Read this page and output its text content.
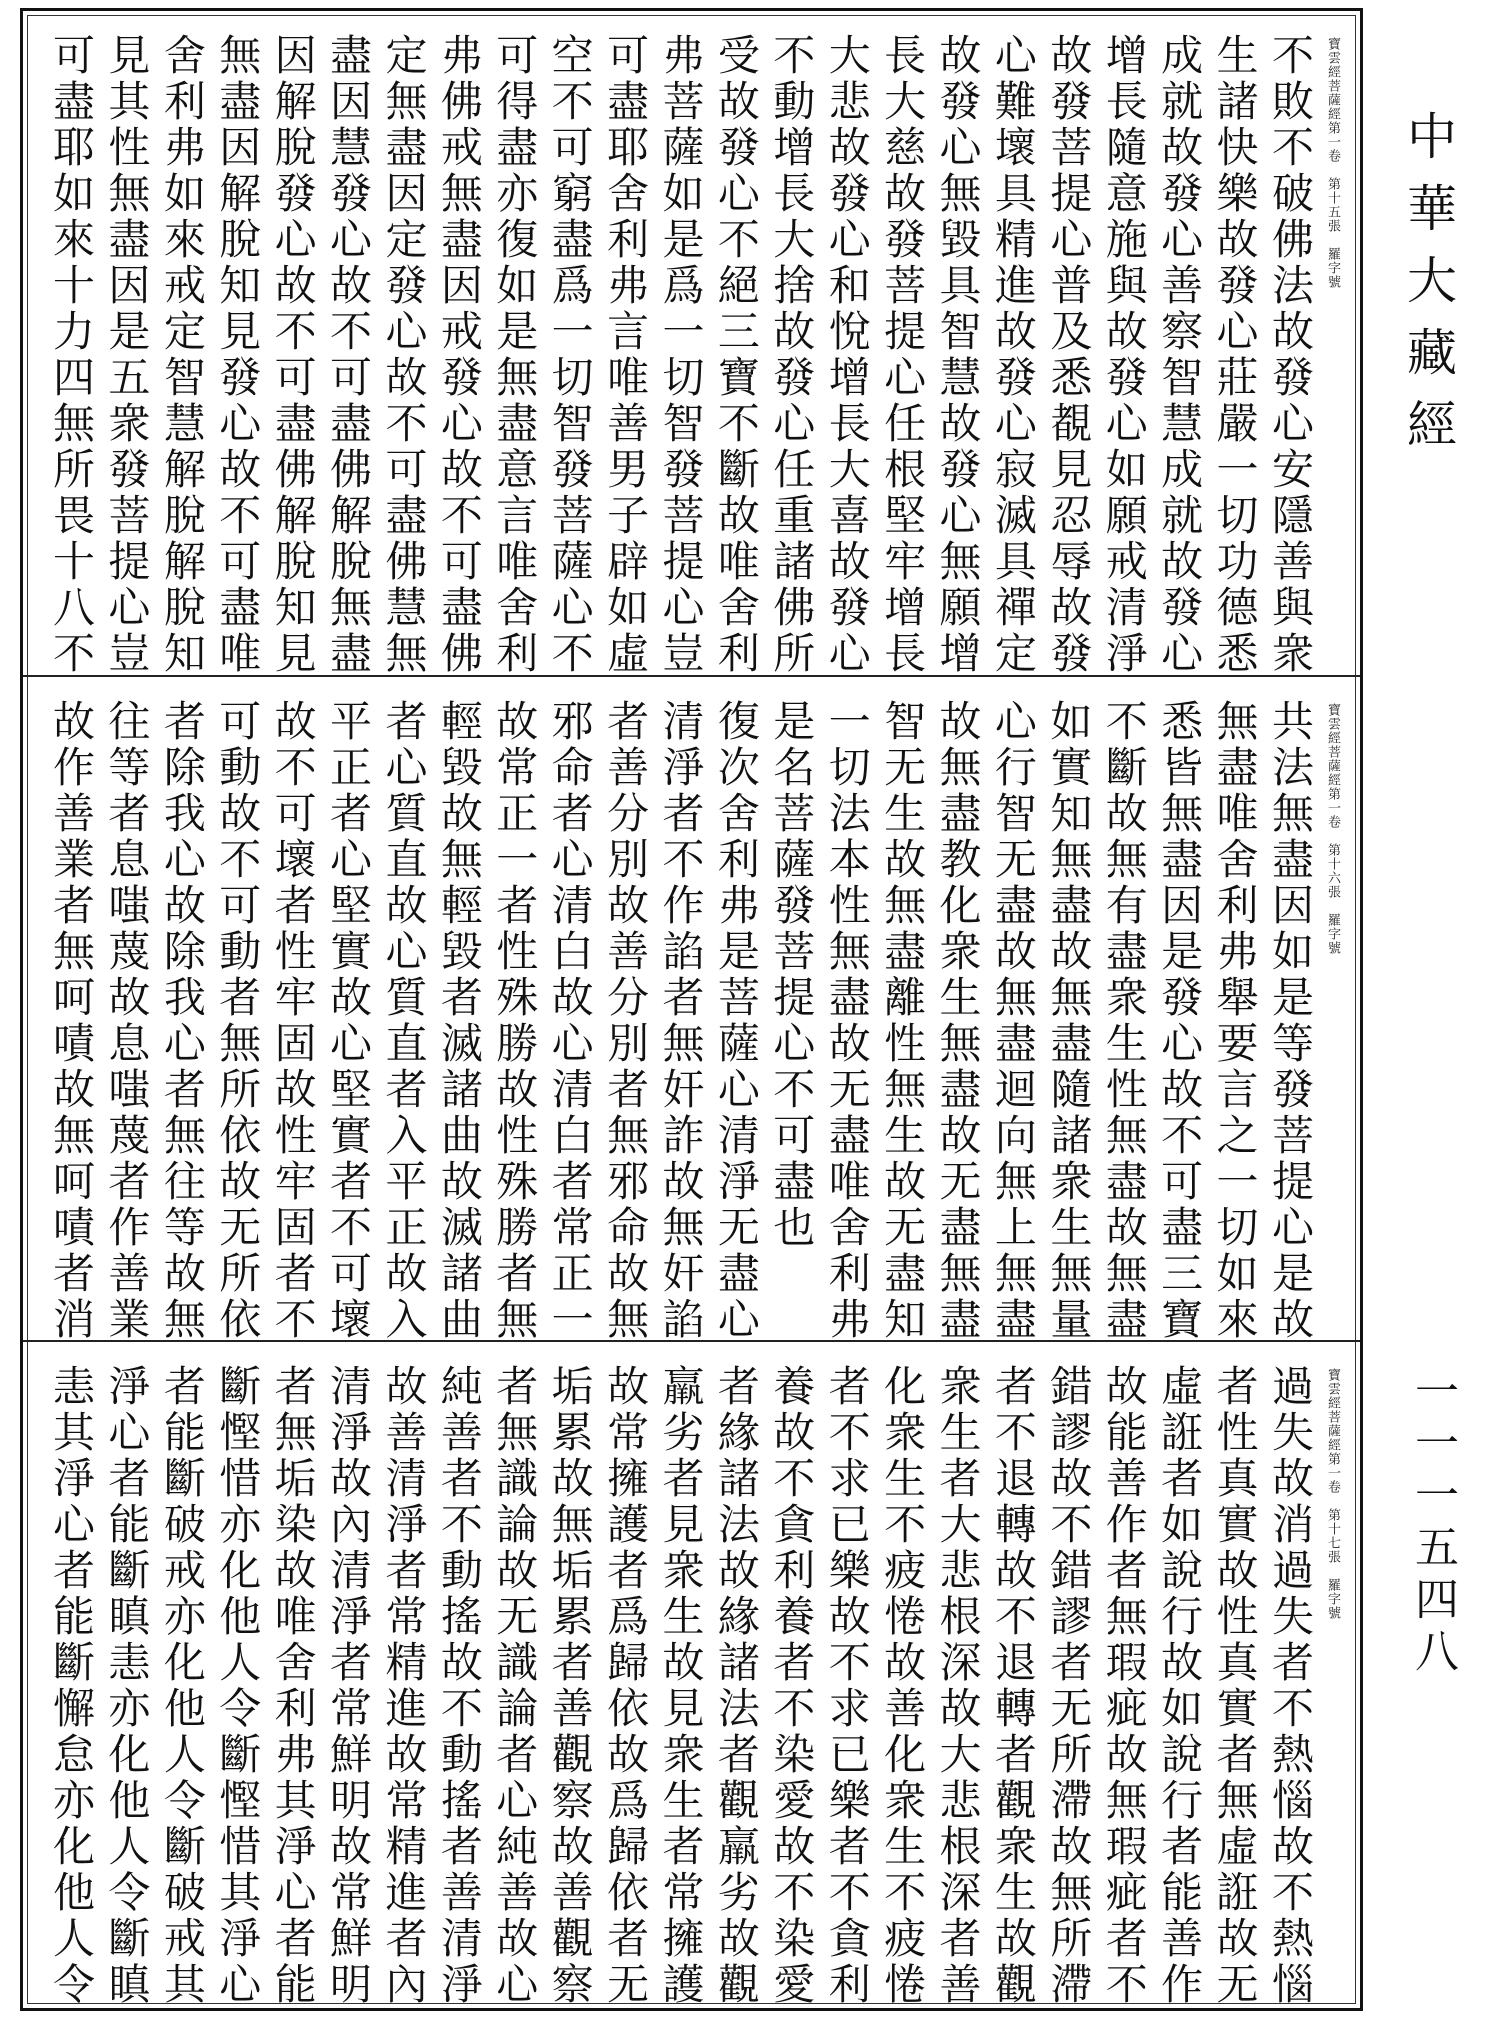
寶雲經菩薩經第一卷　第十五張　羅字號
不敗不破佛法故發心安隱善與衆
生諸快樂故發心莊嚴一切功德悉
成就故發心善察智慧成就故發心
增長隨意施與故發心如願戒清淨
故發菩提心普及悉覩見忍辱故發
心難壞具精進故發心寂滅具禪定
故發心無毀具智慧故發心無願增
長大慈故發菩提心任根堅牢增長
大悲故發心和悅增長大喜故發心
不動增長大捨故發心任重諸佛所
受故發心不絕三寶不斷故唯舍利
弗菩薩如是爲一切智發菩提心豈
可盡耶舍利弗言唯善男子辟如虛
空不可窮盡爲一切智發菩薩心不
可得盡亦復如是無盡意言唯舍利
弗佛戒無盡因戒發心故不可盡佛
定無盡因定發心故不可盡佛慧無
盡因慧發心故不可盡佛解脫無盡
因解脫發心故不可盡佛解脫知見
無盡因解脫知見發心故不可盡唯
舍利弗如來戒定智慧解脫解脫知
見其性無盡因是五衆發菩提心豈
可盡耶如來十力四無所畏十八不
寶雲經菩薩經第一卷　第十六張　羅字號
共法無盡因如是等發菩提心是故
無盡唯舍利弗舉要言之一切如來
悉皆無盡因是發心故不可盡三寶
不斷故無有盡衆生性無盡故無盡
如實知無盡故無盡隨諸衆生無量
心行智无盡故無盡迴向無上無盡
故無盡教化衆生無盡故无盡無盡
智无生故無盡離性無生故无盡知
一切法本性無盡故无盡唯舍利弗
是名菩薩發菩提心不可盡也
復次舍利弗是菩薩心清淨无盡心
清淨者不作諂者無奸詐故無奸諂
者善分別故善分別者無邪命故無
邪命者心清白故心清白者常正一
故常正一者性殊勝故性殊勝者無
輕毀故無輕毀者滅諸曲故滅諸曲
者心質直故心質直者入平正故入
平正者心堅實故心堅實者不可壞
故不可壞者性牢固故性牢固者不
可動故不可動者無所依故无所依
者除我心故除我心者無往等故無
往等者息嗤蔑故息嗤蔑者作善業
故作善業者無呵嘖故無呵嘖者消
寶雲經菩薩經第一卷　第十七張　羅字號
過失故消過失者不熱惱故不熱惱
者性真實故性真實者無虛誑故无
虛誑者如說行故如說行者能善作
故能善作者無瑕疵故無瑕疵者不
錯謬故不錯謬者无所滯故無所滯
者不退轉故不退轉者觀衆生故觀
衆生者大悲根深故大悲根深者善
化衆生不疲惓故善化衆生不疲惓
者不求已樂故不求已樂者不貪利
養故不貪利養者不染愛故不染愛
者緣諸法故緣諸法者觀羸劣故觀
羸劣者見衆生故見衆生者常擁護
故常擁護者爲歸依故爲歸依者无
垢累故無垢累者善觀察故善觀察
者無識論故无識論者心純善故心
純善者不動搖故不動搖者善清淨
故善清淨者常精進故常精進者內
清淨故內清淨者常鮮明故常鮮明
者無垢染故唯舍利弗其淨心者能
斷慳惜亦化他人令斷慳惜其淨心
者能斷破戒亦化他人令斷破戒其
淨心者能斷瞋恚亦化他人令斷瞋
恚其淨心者能斷懈怠亦化他人令
中華大藏經
一一一五四八
